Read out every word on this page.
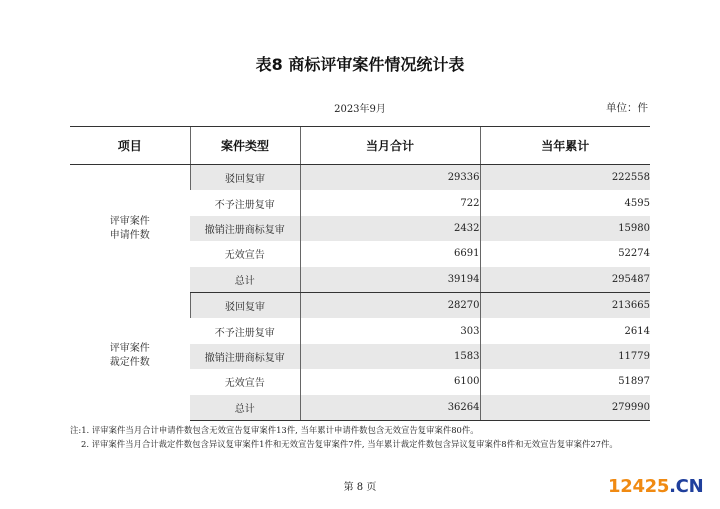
表8 商标评审案件情况统计表
2023年9月	单位：件
项目	案件类型	当月合计	当年累计
评审案件
申请件数	驳回复审	29336	222558
	不予注册复审	722	4595
	撤销注册商标复审	2432	15980
	无效宣告	6691	52274
	总计	39194	295487
评审案件
裁定件数	驳回复审	28270	213665
	不予注册复审	303	2614
	撤销注册商标复审	1583	11779
	无效宣告	6100	51897
	总计	36264	279990
注:1. 评审案件当月合计申请件数包含无效宣告复审案件13件, 当年累计申请件数包含无效宣告复审案件80件。
2. 评审案件当月合计裁定件数包含异议复审案件1件和无效宣告复审案件7件, 当年累计裁定件数包含异议复审案件8件和无效宣告复审案件27件。
第 8 页	12425.CN
